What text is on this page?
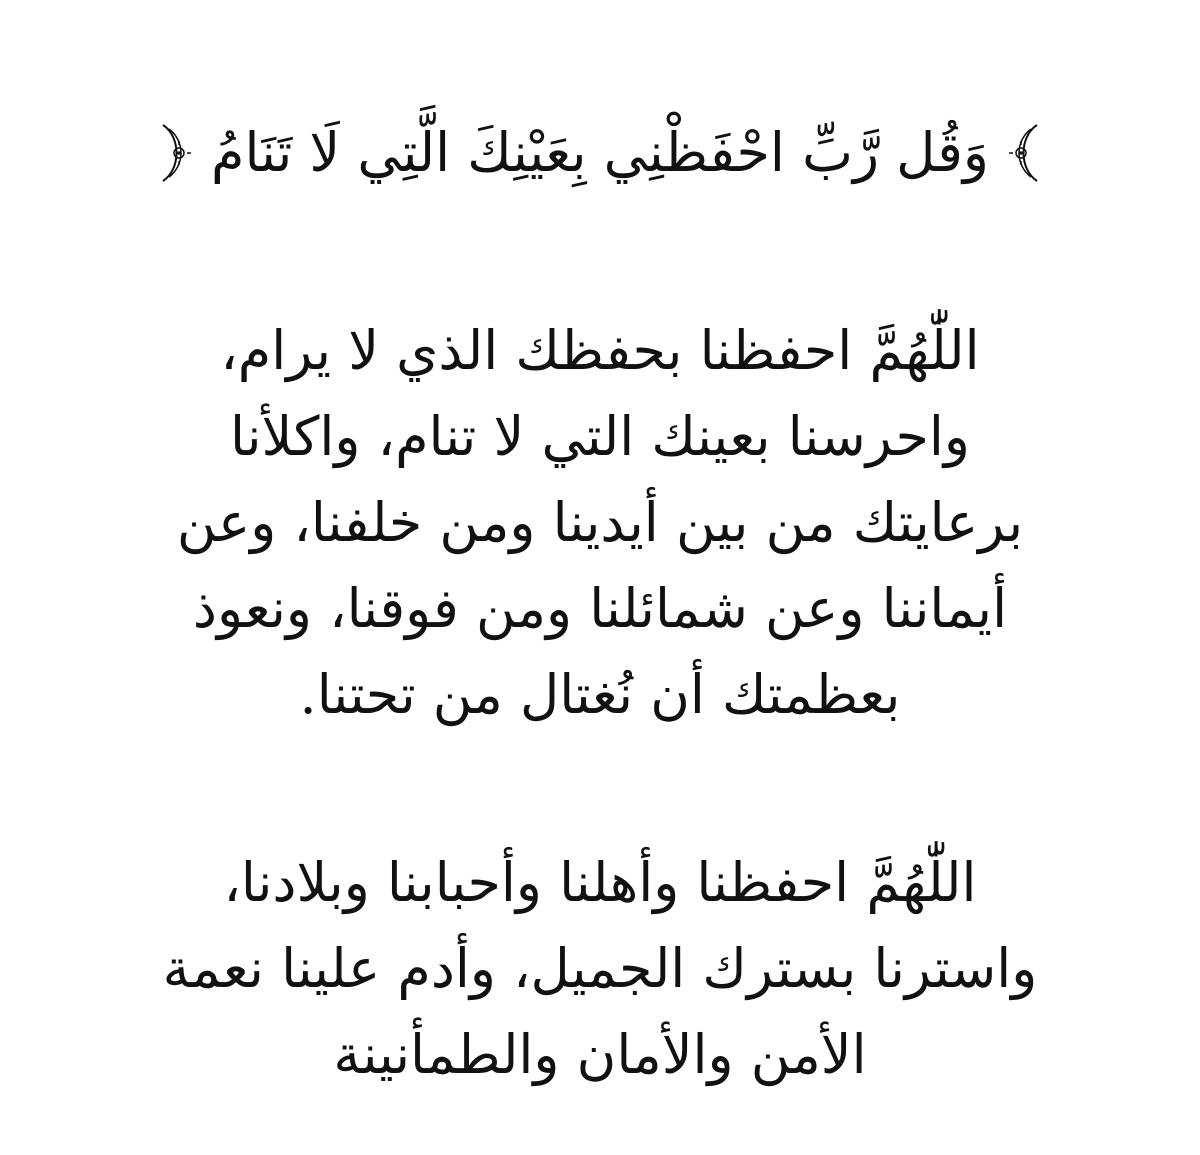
وَقُل رَّبِّ احْفَظْنِي بِعَيْنِكَ الَّتِي لَا تَنَامُ
اللّٰهُمَّ احفظنا بحفظك الذي لا يرام،
واحرسنا بعينك التي لا تنام، واكلأنا
برعايتك من بين أيدينا ومن خلفنا، وعن
أيماننا وعن شمائلنا ومن فوقنا، ونعوذ
بعظمتك أن نُغتال من تحتنا.
اللّٰهُمَّ احفظنا وأهلنا وأحبابنا وبلادنا،
واسترنا بسترك الجميل، وأدم علينا نعمة
الأمن والأمان والطمأنينة
